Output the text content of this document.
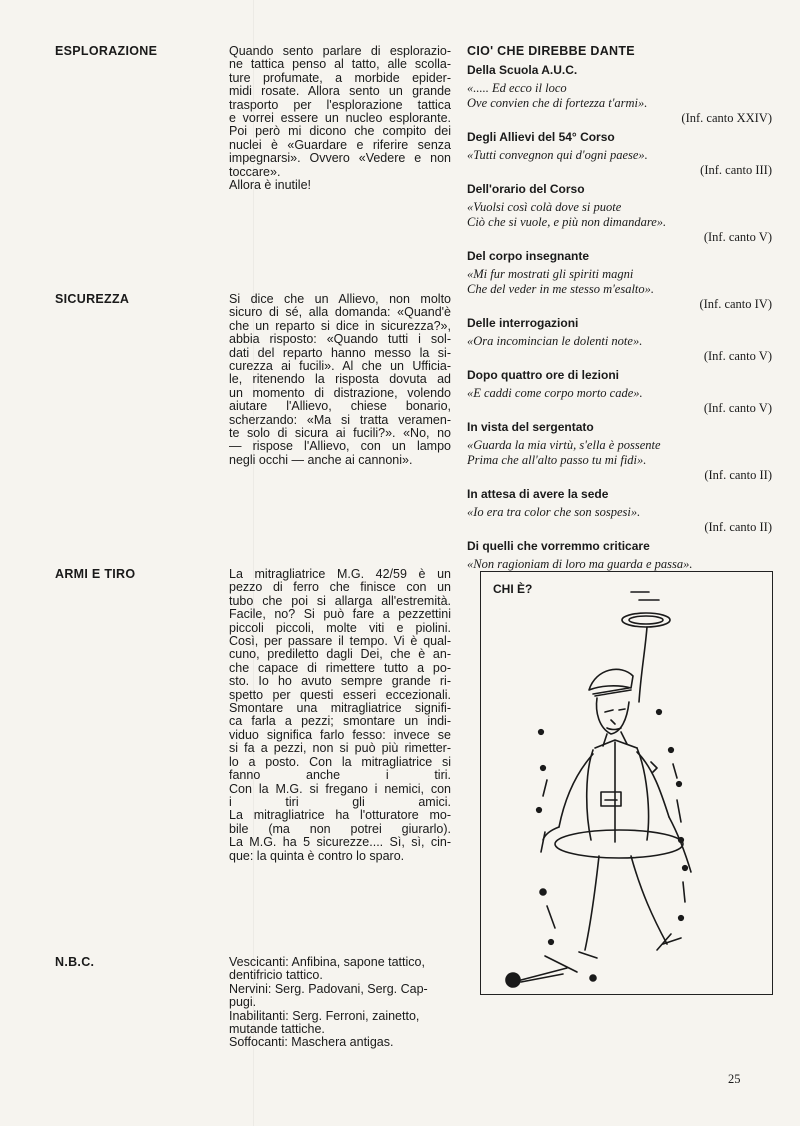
ESPLORAZIONE
SICUREZZA
ARMI E TIRO
N.B.C.
Quando sento parlare di esplorazio-
ne tattica penso al tatto, alle scolla-
ture profumate, a morbide epider-
midi rosate. Allora sento un grande
trasporto per l'esplorazione tattica
e vorrei essere un nucleo esplorante.
Poi però mi dicono che compito dei
nuclei è «Guardare e riferire senza
impegnarsi». Ovvero «Vedere e non
toccare».
Allora è inutile!
Si dice che un Allievo, non molto
sicuro di sé, alla domanda: «Quand'è
che un reparto si dice in sicurezza?»,
abbia risposto: «Quando tutti i sol-
dati del reparto hanno messo la si-
curezza ai fucili». Al che un Ufficia-
le, ritenendo la risposta dovuta ad
un momento di distrazione, volendo
aiutare l'Allievo, chiese bonario,
scherzando: «Ma si tratta veramen-
te solo di sicura ai fucili?». «No, no
— rispose l'Allievo, con un lampo
negli occhi — anche ai cannoni».
La mitragliatrice M.G. 42/59 è un
pezzo di ferro che finisce con un
tubo che poi si allarga all'estremità.
Facile, no? Si può fare a pezzettini
piccoli piccoli, molte viti e piolini.
Così, per passare il tempo. Vi è qual-
cuno, prediletto dagli Dei, che è an-
che capace di rimettere tutto a po-
sto. Io ho avuto sempre grande ri-
spetto per questi esseri eccezionali.
Smontare una mitragliatrice signifi-
ca farla a pezzi; smontare un indi-
viduo significa farlo fesso: invece se
si fa a pezzi, non si può più rimetter-
lo a posto. Con la mitragliatrice si
fanno anche i tiri.
Con la M.G. si fregano i nemici, con
i tiri gli amici.
La mitragliatrice ha l'otturatore mo-
bile (ma non potrei giurarlo).
La M.G. ha 5 sicurezze.... Sì, sì, cin-
que: la quinta è contro lo sparo.
Vescicanti: Anfibina, sapone tattico,
dentifricio tattico.
Nervini: Serg. Padovani, Serg. Cap-
pugi.
Inabilitanti: Serg. Ferroni, zainetto,
mutande tattiche.
Soffocanti: Maschera antigas.
CIO' CHE DIREBBE DANTE
Della Scuola A.U.C.
«..... Ed ecco il loco
Ove convien che di fortezza t'armi».
(Inf. canto XXIV)
Degli Allievi del 54° Corso
«Tutti convegnon qui d'ogni paese».
(Inf. canto III)
Dell'orario del Corso
«Vuolsi così colà dove si puote
Ciò che si vuole, e più non dimandare».
(Inf. canto V)
Del corpo insegnante
«Mi fur mostrati gli spiriti magni
Che del veder in me stesso m'esalto».
(Inf. canto IV)
Delle interrogazioni
«Ora incomincian le dolenti note».
(Inf. canto V)
Dopo quattro ore di lezioni
«E caddi come corpo morto cade».
(Inf. canto V)
In vista del sergentato
«Guarda la mia virtù, s'ella è possente
Prima che all'alto passo tu mi fidi».
(Inf. canto II)
In attesa di avere la sede
«Io era tra color che son sospesi».
(Inf. canto II)
Di quelli che vorremmo criticare
«Non ragioniam di loro ma guarda e passa».
CHI È?
25
